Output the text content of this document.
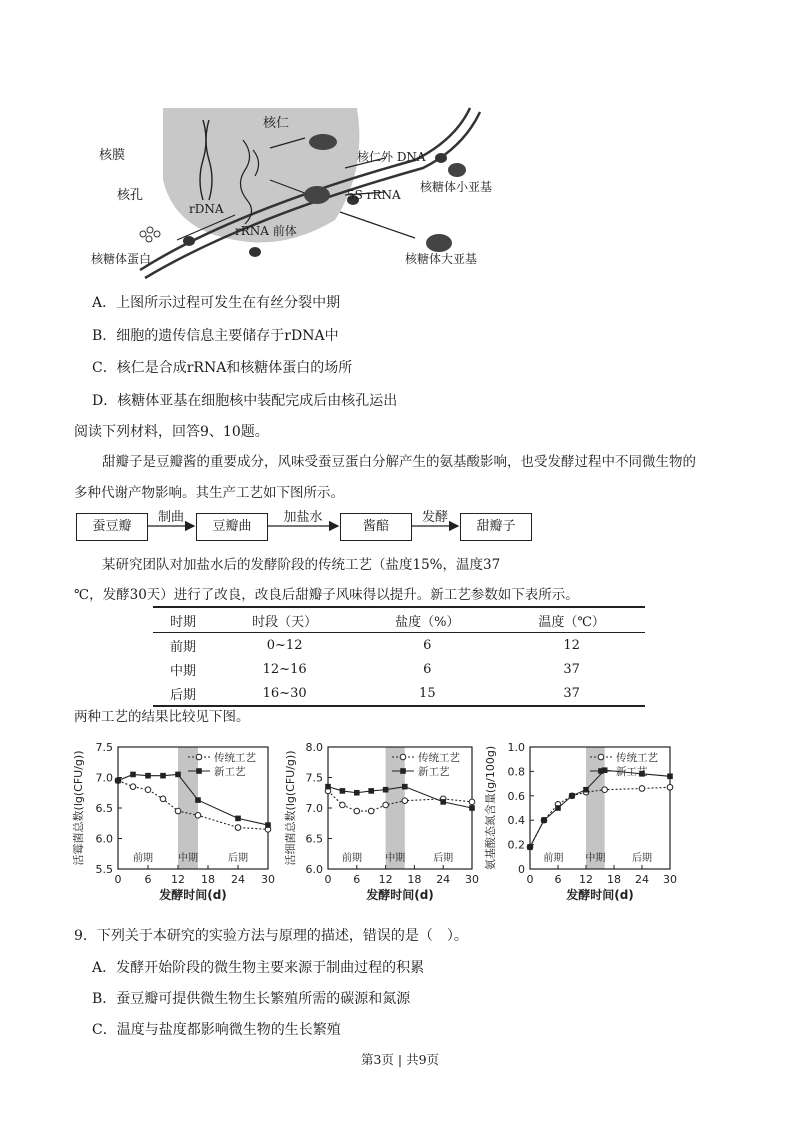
核膜
核孔
核仁
rDNA
rRNA 前体
核仁外 DNA
5S rRNA
核糖体小亚基
核糖体大亚基
核糖体蛋白
A．上图所示过程可发生在有丝分裂中期
B．细胞的遗传信息主要储存于rDNA中
C．核仁是合成rRNA和核糖体蛋白的场所
D．核糖体亚基在细胞核中装配完成后由核孔运出
阅读下列材料，回答9、10题。
甜瓣子是豆瓣酱的重要成分，风味受蚕豆蛋白分解产生的氨基酸影响，也受发酵过程中不同微生物的
多种代谢产物影响。其生产工艺如下图所示。
蚕豆瓣	豆瓣曲	酱醅	甜瓣子
制曲	加盐水	发酵
某研究团队对加盐水后的发酵阶段的传统工艺（盐度15%，温度37
℃，发酵30天）进行了改良，改良后甜瓣子风味得以提升。新工艺参数如下表所示。
时期	时段（天）	盐度（%）	温度（℃）
前期	0~12	6	12
中期	12~16	6	37
后期	16~30	15	37
两种工艺的结果比较见下图。
5.5
6.0
6.5
7.0
7.5
0 6 12 18 24 30
发酵时间(d)
活霉菌总数(lg(CFU/g))	前期	中期	后期
传统工艺
新工艺
6.0
6.5
7.0
7.5
8.0
0 6 12 18 24 30
发酵时间(d)
活细菌总数(lg(CFU/g))	前期 中期	后期
传统工艺
新工艺
0
0.2
0.4
0.6
0.8
1.0
0 6 12 18 24 30
发酵时间(d)
氨基酸态氮含量(g/100g)	前期 中期	后期
传统工艺
新工艺
9．下列关于本研究的实验方法与原理的描述，错误的是（　）。
A．发酵开始阶段的微生物主要来源于制曲过程的积累
B．蚕豆瓣可提供微生物生长繁殖所需的碳源和氮源
C．温度与盐度都影响微生物的生长繁殖
第3页 | 共9页
